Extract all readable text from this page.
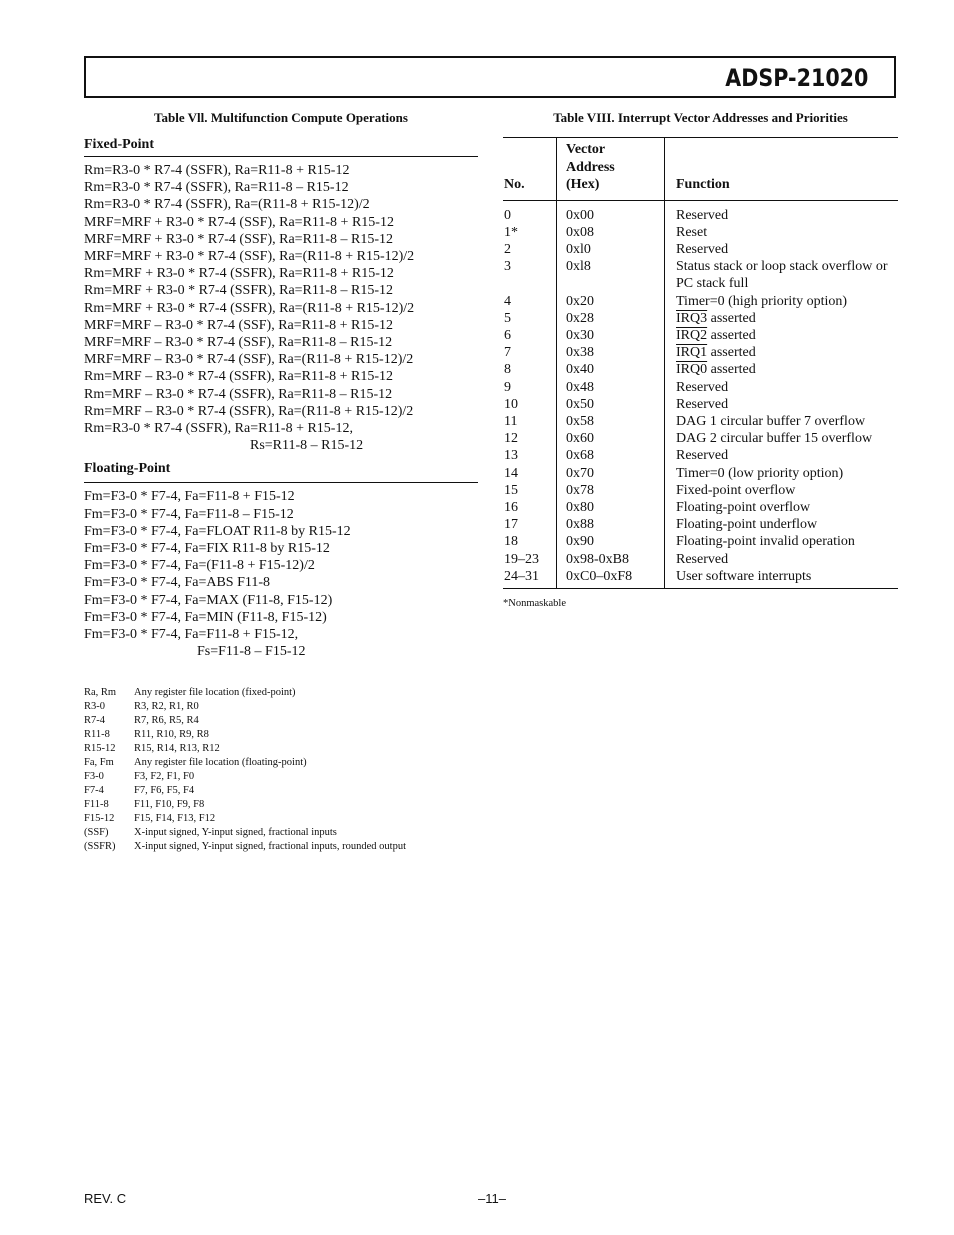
ADSP-21020
Table Vll. Multifunction Compute Operations
Fixed-Point
Rm=R3-0 * R7-4 (SSFR), Ra=R11-8 + R15-12
Rm=R3-0 * R7-4 (SSFR), Ra=R11-8 – R15-12
Rm=R3-0 * R7-4 (SSFR), Ra=(R11-8 + R15-12)/2
MRF=MRF + R3-0 * R7-4 (SSF), Ra=R11-8 + R15-12
MRF=MRF + R3-0 * R7-4 (SSF), Ra=R11-8 – R15-12
MRF=MRF + R3-0 * R7-4 (SSF), Ra=(R11-8 + R15-12)/2
Rm=MRF + R3-0 * R7-4 (SSFR), Ra=R11-8 + R15-12
Rm=MRF + R3-0 * R7-4 (SSFR), Ra=R11-8 – R15-12
Rm=MRF + R3-0 * R7-4 (SSFR), Ra=(R11-8 + R15-12)/2
MRF=MRF – R3-0 * R7-4 (SSF), Ra=R11-8 + R15-12
MRF=MRF – R3-0 * R7-4 (SSF), Ra=R11-8 – R15-12
MRF=MRF – R3-0 * R7-4 (SSF), Ra=(R11-8 + R15-12)/2
Rm=MRF – R3-0 * R7-4 (SSFR), Ra=R11-8 + R15-12
Rm=MRF – R3-0 * R7-4 (SSFR), Ra=R11-8 – R15-12
Rm=MRF – R3-0 * R7-4 (SSFR), Ra=(R11-8 + R15-12)/2
Rm=R3-0 * R7-4 (SSFR), Ra=R11-8 + R15-12,
Rs=R11-8 – R15-12
Floating-Point
Fm=F3-0 * F7-4, Fa=F11-8 + F15-12
Fm=F3-0 * F7-4, Fa=F11-8 – F15-12
Fm=F3-0 * F7-4, Fa=FLOAT R11-8 by R15-12
Fm=F3-0 * F7-4, Fa=FIX R11-8 by R15-12
Fm=F3-0 * F7-4, Fa=(F11-8 + F15-12)/2
Fm=F3-0 * F7-4, Fa=ABS F11-8
Fm=F3-0 * F7-4, Fa=MAX (F11-8, F15-12)
Fm=F3-0 * F7-4, Fa=MIN (F11-8, F15-12)
Fm=F3-0 * F7-4, Fa=F11-8 + F15-12,
Fs=F11-8 – F15-12
Ra, Rm	Any register file location (fixed-point)
R3-0	R3, R2, R1, R0
R7-4	R7, R6, R5, R4
R11-8	R11, R10, R9, R8
R15-12	R15, R14, R13, R12
Fa, Fm	Any register file location (floating-point)
F3-0	F3, F2, F1, F0
F7-4	F7, F6, F5, F4
F11-8	F11, F10, F9, F8
F15-12	F15, F14, F13, F12
(SSF)	X-input signed, Y-input signed, fractional inputs
(SSFR)	X-input signed, Y-input signed, fractional inputs, rounded output
Table VIII. Interrupt Vector Addresses and Priorities
No.	Vector
Address
(Hex)	Function
0	0x00	Reserved
1*	0x08	Reset
2	0xl0	Reserved
3	0xl8	Status stack or loop stack overflow or
PC stack full

4	0x20	Timer=0 (high priority option)
5	0x28	IRQ3 asserted
6	0x30	IRQ2 asserted
7	0x38	IRQ1 asserted
8	0x40	IRQ0 asserted
9	0x48	Reserved
10	0x50	Reserved
11	0x58	DAG 1 circular buffer 7 overflow
12	0x60	DAG 2 circular buffer 15 overflow
13	0x68	Reserved
14	0x70	Timer=0 (low priority option)
15	0x78	Fixed-point overflow
16	0x80	Floating-point overflow
17	0x88	Floating-point underflow
18	0x90	Floating-point invalid operation
19–23	0x98-0xB8	Reserved
24–31	0xC0–0xF8	User software interrupts
*Nonmaskable
REV. C	–11–
